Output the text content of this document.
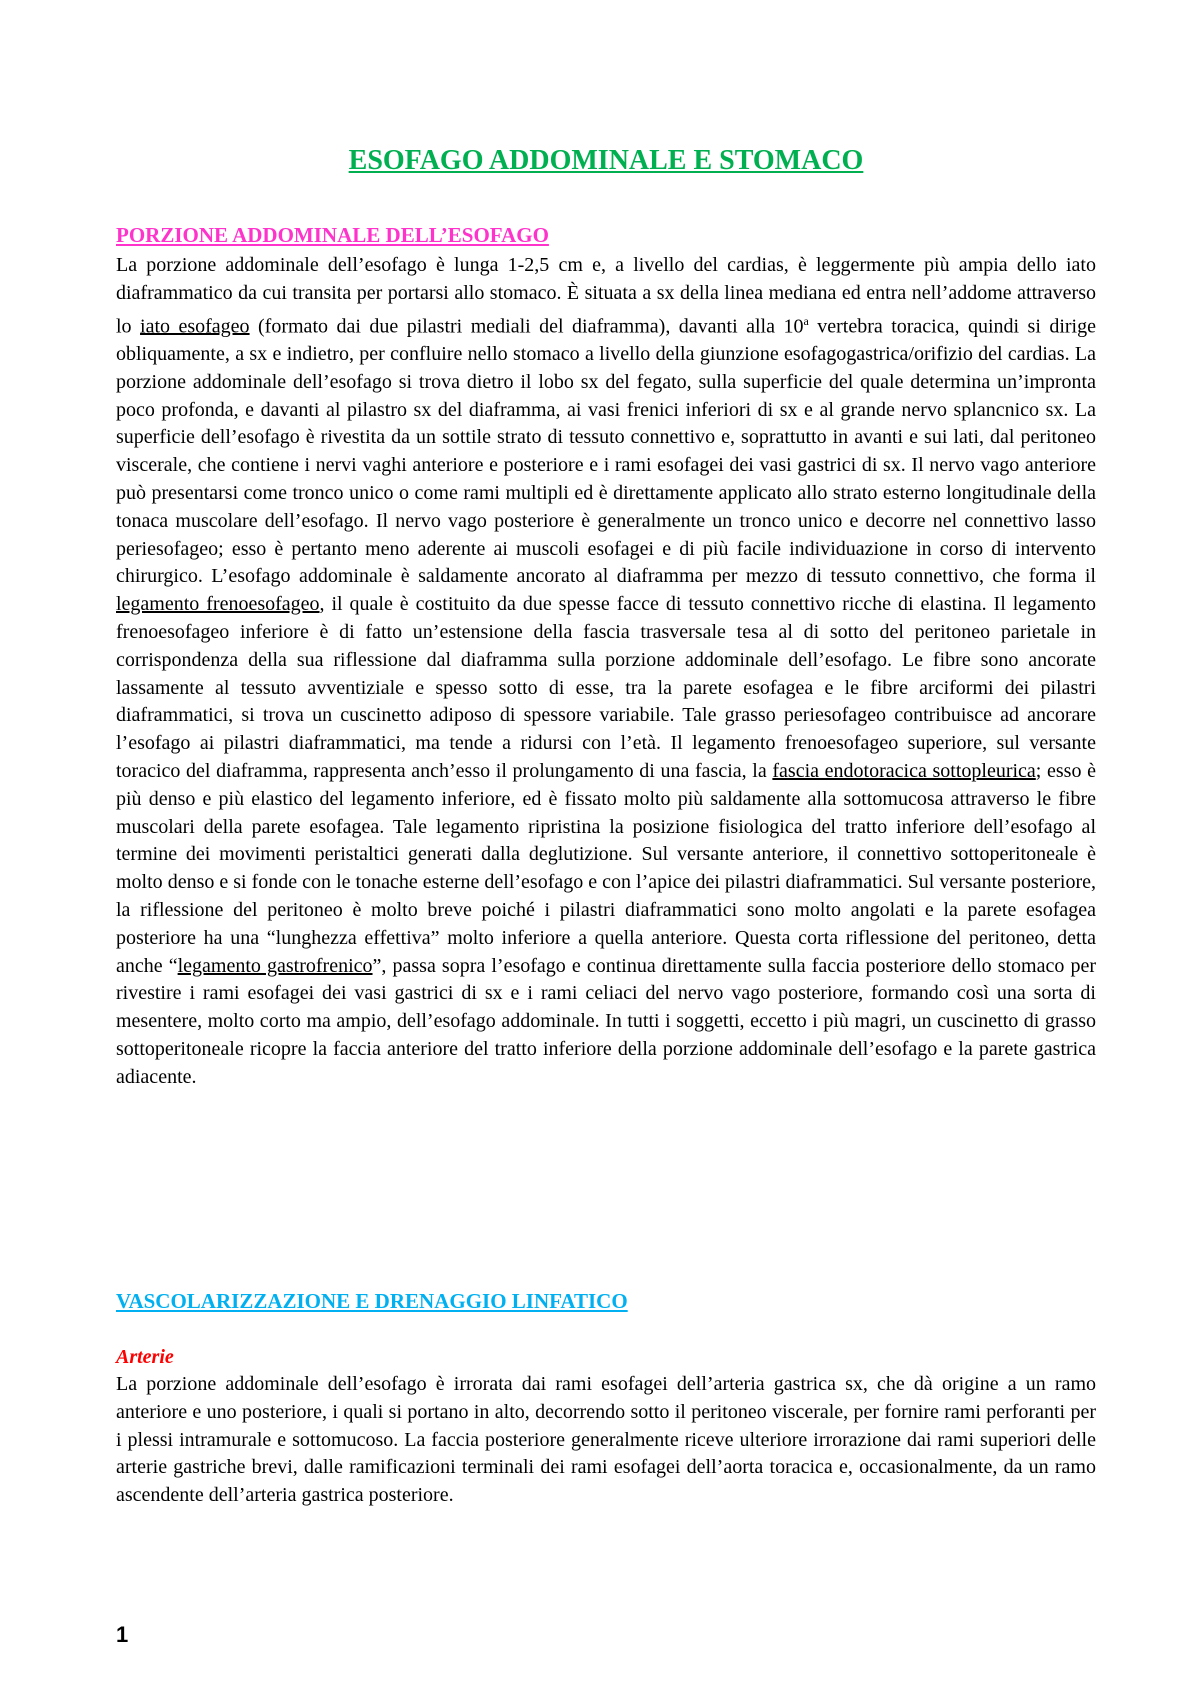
ESOFAGO ADDOMINALE E STOMACO
PORZIONE ADDOMINALE DELL’ESOFAGO

La porzione addominale dell’esofago è lunga 1-2,5 cm e, a livello del cardias, è leggermente più ampia dello iato diaframmatico da cui transita per portarsi allo stomaco. È situata a sx della linea mediana ed entra nell’addome attraverso lo iato esofageo (formato dai due pilastri mediali del diaframma), davanti alla 10$^a$ vertebra toracica, quindi si dirige obliquamente, a sx e indietro, per confluire nello stomaco a livello della giunzione esofagogastrica/orifizio del cardias. La porzione addominale dell’esofago si trova dietro il lobo sx del fegato, sulla superficie del quale determina un’impronta poco profonda, e davanti al pilastro sx del diaframma, ai vasi frenici inferiori di sx e al grande nervo splancnico sx. La superficie dell’esofago è rivestita da un sottile strato di tessuto connettivo e, soprattutto in avanti e sui lati, dal peritoneo viscerale, che contiene i nervi vaghi anteriore e posteriore e i rami esofagei dei vasi gastrici di sx. Il nervo vago anteriore può presentarsi come tronco unico o come rami multipli ed è direttamente applicato allo strato esterno longitudinale della tonaca muscolare dell’esofago. Il nervo vago posteriore è generalmente un tronco unico e decorre nel connettivo lasso periesofageo; esso è pertanto meno aderente ai muscoli esofagei e di più facile individuazione in corso di intervento chirurgico. L’esofago addominale è saldamente ancorato al diaframma per mezzo di tessuto connettivo, che forma il legamento frenoesofageo, il quale è costituito da due spesse facce di tessuto connettivo ricche di elastina. Il legamento frenoesofageo inferiore è di fatto un’estensione della fascia trasversale tesa al di sotto del peritoneo parietale in corrispondenza della sua riflessione dal diaframma sulla porzione addominale dell’esofago. Le fibre sono ancorate lassamente al tessuto avventiziale e spesso sotto di esse, tra la parete esofagea e le fibre arciformi dei pilastri diaframmatici, si trova un cuscinetto adiposo di spessore variabile. Tale grasso periesofageo contribuisce ad ancorare l’esofago ai pilastri diaframmatici, ma tende a ridursi con l’età. Il legamento frenoesofageo superiore, sul versante toracico del diaframma, rappresenta anch’esso il prolungamento di una fascia, la fascia endotoracica sottopleurica; esso è più denso e più elastico del legamento inferiore, ed è fissato molto più saldamente alla sottomucosa attraverso le fibre muscolari della parete esofagea. Tale legamento ripristina la posizione fisiologica del tratto inferiore dell’esofago al termine dei movimenti peristaltici generati dalla deglutizione. Sul versante anteriore, il connettivo sottoperitoneale è molto denso e si fonde con le tonache esterne dell’esofago e con l’apice dei pilastri diaframmatici. Sul versante posteriore, la riflessione del peritoneo è molto breve poiché i pilastri diaframmatici sono molto angolati e la parete esofagea posteriore ha una “lunghezza effettiva” molto inferiore a quella anteriore. Questa corta riflessione del peritoneo, detta anche “legamento gastrofrenico”, passa sopra l’esofago e continua direttamente sulla faccia posteriore dello stomaco per rivestire i rami esofagei dei vasi gastrici di sx e i rami celiaci del nervo vago posteriore, formando così una sorta di mesentere, molto corto ma ampio, dell’esofago addominale. In tutti i soggetti, eccetto i più magri, un cuscinetto di grasso sottoperitoneale ricopre la faccia anteriore del tratto inferiore della porzione addominale dell’esofago e la parete gastrica adiacente.

VASCOLARIZZAZIONE E DRENAGGIO LINFATICO
Arterie

La porzione addominale dell’esofago è irrorata dai rami esofagei dell’arteria gastrica sx, che dà origine a un ramo anteriore e uno posteriore, i quali si portano in alto, decorrendo sotto il peritoneo viscerale, per fornire rami perforanti per i plessi intramurale e sottomucoso. La faccia posteriore generalmente riceve ulteriore irrorazione dai rami superiori delle arterie gastriche brevi, dalle ramificazioni terminali dei rami esofagei dell’aorta toracica e, occasionalmente, da un ramo ascendente dell’arteria gastrica posteriore.

1
